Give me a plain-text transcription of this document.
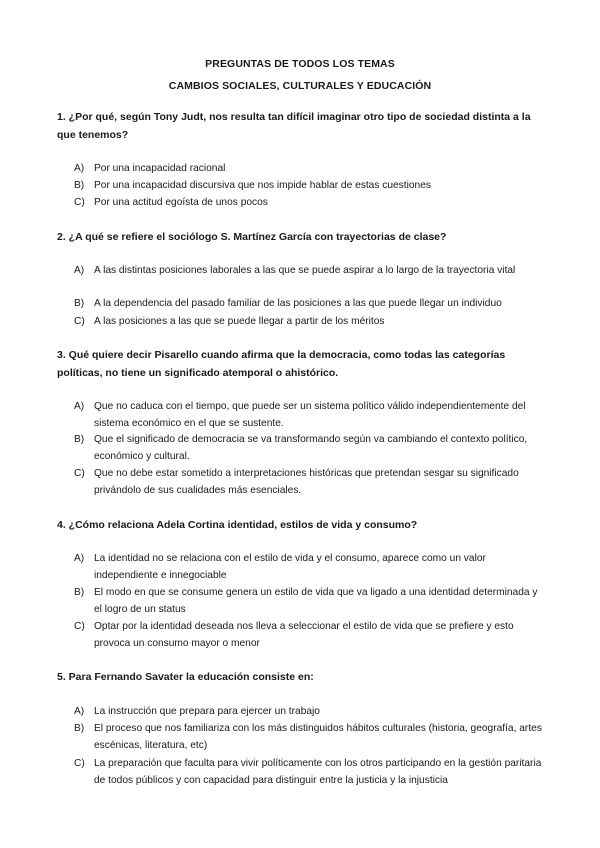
PREGUNTAS DE TODOS LOS TEMAS
CAMBIOS SOCIALES, CULTURALES Y EDUCACIÓN
1. ¿Por qué, según Tony Judt, nos resulta tan difícil imaginar otro tipo de sociedad distinta a la que tenemos?
A) Por una incapacidad racional
B) Por una incapacidad discursiva que nos impide hablar de estas cuestiones
C) Por una actitud egoísta de unos pocos
2. ¿A qué se refiere el sociólogo S. Martínez García con trayectorias de clase?
A) A las distintas posiciones laborales a las que se puede aspirar a lo largo de la trayectoria vital
B) A la dependencia del pasado familiar de las posiciones a las que puede llegar un individuo
C) A las posiciones a las que se puede llegar a partir de los méritos
3. Qué quiere decir Pisarello cuando afirma que la democracia, como todas las categorías políticas, no tiene un significado atemporal o ahistórico.
A) Que no caduca con el tiempo, que puede ser un sistema político válido independientemente del sistema económico en el que se sustente.
B) Que el significado de democracia se va transformando según va cambiando el contexto político, económico y cultural.
C) Que no debe estar sometido a interpretaciones históricas que pretendan sesgar su significado privándolo de sus cualidades más esenciales.
4. ¿Cómo relaciona Adela Cortina identidad, estilos de vida y consumo?
A) La identidad no se relaciona con el estilo de vida y el consumo, aparece como un valor independiente e innegociable
B) El modo en que se consume genera un estilo de vida que va ligado a una identidad determinada y el logro de un status
C) Optar por la identidad deseada nos lleva a seleccionar el estilo de vida que se prefiere y esto provoca un consumo mayor o menor
5. Para Fernando Savater la educación consiste en:
A) La instrucción que prepara para ejercer un trabajo
B) El proceso que nos familiariza con los más distinguidos hábitos culturales (historia, geografía, artes escénicas, literatura, etc)
C) La preparación que faculta para vivir políticamente con los otros participando en la gestión paritaria de todos públicos y con capacidad para distinguir entre la justicia y la injusticia
